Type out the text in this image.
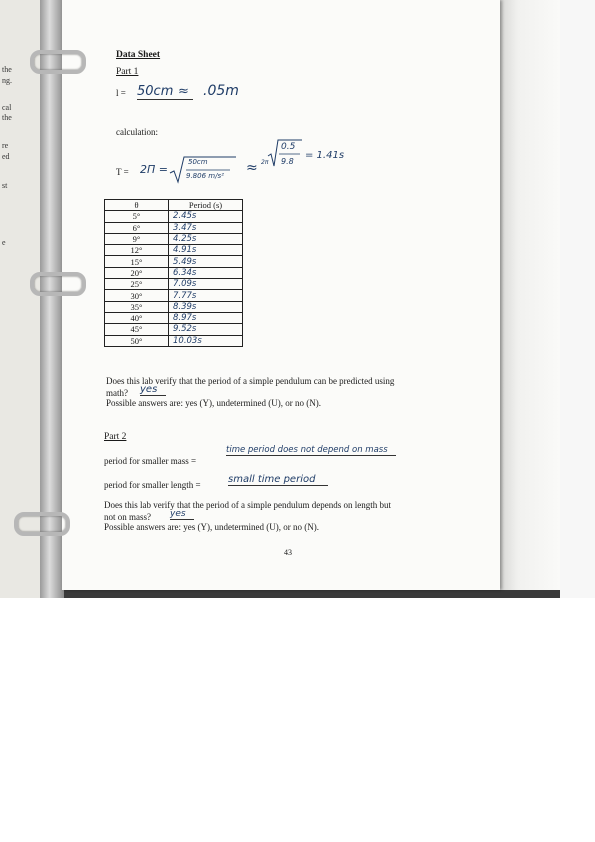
the
ng.
cal
the
re
ed
st
e
Data Sheet
Part 1
l = 50cm ≈ .05m
calculation:
T = 2Π =
50cm
9.806 m/s² ≈ 2π
0.5
9.8
= 1.41s
θ	Period (s)
5°	2.45s
6°	3.47s
9°	4.25s
12°	4.91s
15°	5.49s
20°	6.34s
25°	7.09s
30°	7.77s
35°	8.39s
40°	8.97s
45°	9.52s
50°	10.03s
Does this lab verify that the period of a simple pendulum can be predicted using
math? yes
Possible answers are: yes (Y), undetermined (U), or no (N).
Part 2
period for smaller mass =
time period does not depend on mass
period for smaller length =	small time period
Does this lab verify that the period of a simple pendulum depends on length but
not on mass? yes
Possible answers are: yes (Y), undetermined (U), or no (N).
43
